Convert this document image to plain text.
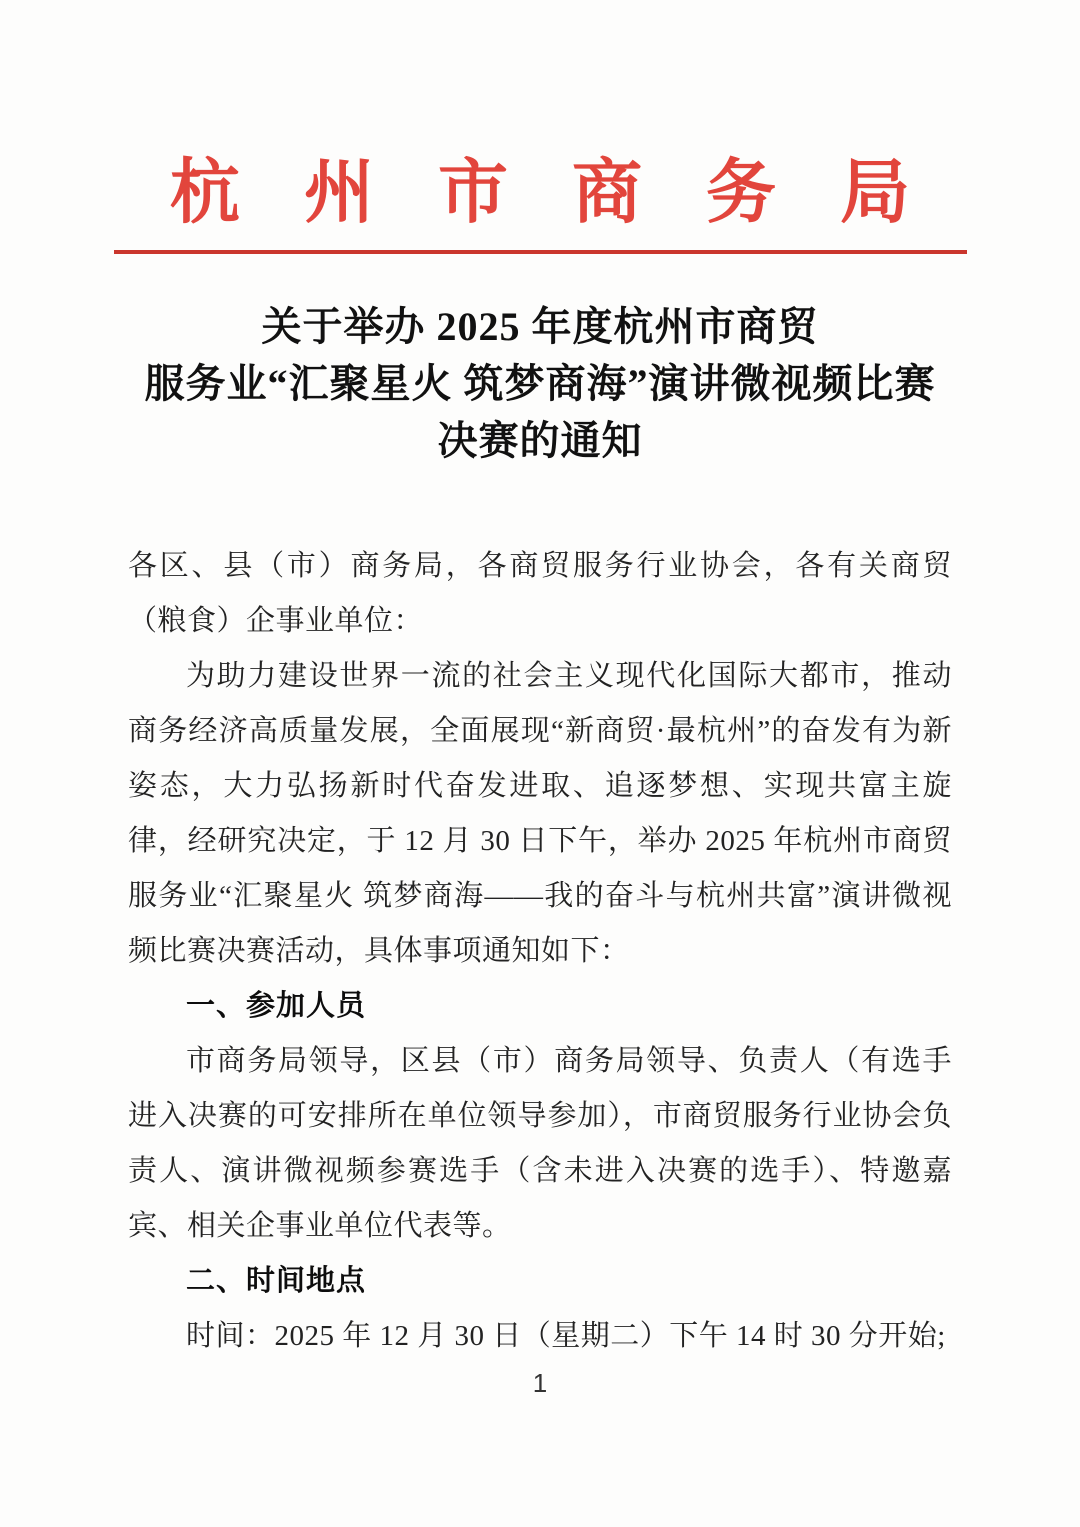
杭 州 市 商 务 局
关于举办 2025 年度杭州市商贸
服务业“汇聚星火 筑梦商海”演讲微视频比赛
决赛的通知

各区、县（市）商务局，各商贸服务行业协会，各有关商贸（粮食）企事业单位：

为助力建设世界一流的社会主义现代化国际大都市，推动商务经济高质量发展，全面展现“新商贸·最杭州”的奋发有为新姿态，大力弘扬新时代奋发进取、追逐梦想、实现共富主旋律，经研究决定，于 12 月 30 日下午，举办 2025 年杭州市商贸服务业“汇聚星火 筑梦商海——我的奋斗与杭州共富”演讲微视频比赛决赛活动，具体事项通知如下：

一、参加人员

市商务局领导，区县（市）商务局领导、负责人（有选手进入决赛的可安排所在单位领导参加），市商贸服务行业协会负责人、演讲微视频参赛选手（含未进入决赛的选手）、特邀嘉宾、相关企事业单位代表等。

二、时间地点

时间：2025 年 12 月 30 日（星期二）下午 14 时 30 分开始;

1
